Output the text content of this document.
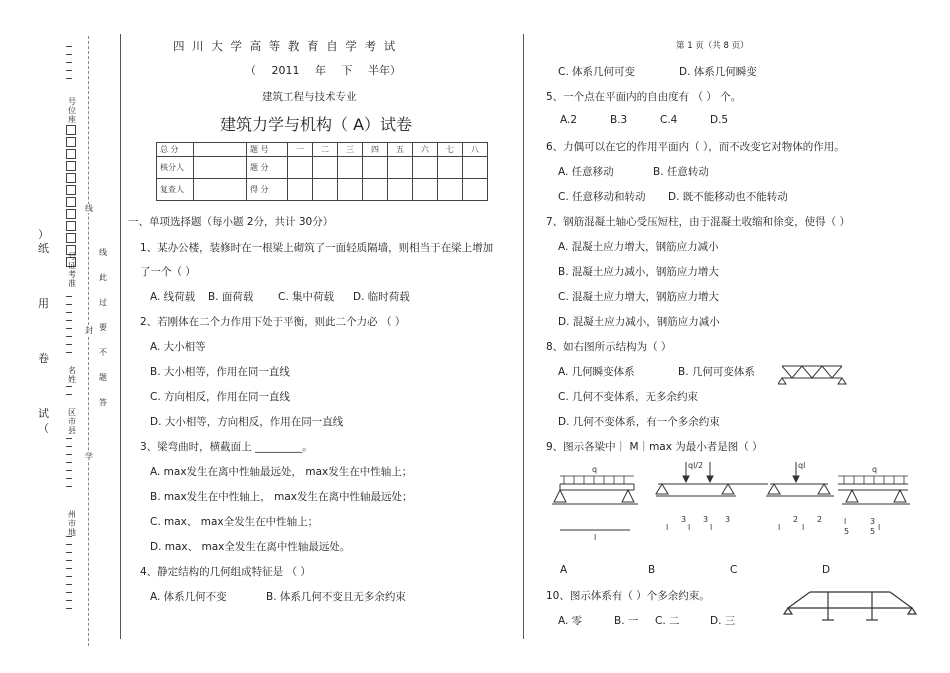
）
纸
用
卷
试
（
号位座
号证考准
名姓
区市县
州市地
线
封
学
线
此
过
要
不
题
答
四 川 大 学 高 等 教 育 自 学 考 试
（ 2011 年 下 半年）
建筑工程与技术专业
建筑力学与机构（ A）试卷
总 分		题 号	一	二	三	四	五	六	七	八
核分人		题 分								
复查人		得 分								
一、单项选择题（每小题 2分，共计 30分）
1、某办公楼，装修时在一根梁上砌筑了一面轻质隔墙，则相当于在梁上增加
了一个（ ）
A. 线荷载 B. 面荷载 C. 集中荷载 D. 临时荷载
2、若刚体在二个力作用下处于平衡，则此二个力必 （ ）
A. 大小相等
B. 大小相等，作用在同一直线
C. 方向相反，作用在同一直线
D. 大小相等，方向相反，作用在同一直线
3、梁弯曲时，横截面上 _________。
A. max发生在离中性轴最远处， max发生在中性轴上；
B. max发生在中性轴上， max发生在离中性轴最远处；
C. max、 max全发生在中性轴上；
D. max、 max全发生在离中性轴最远处。
4、静定结构的几何组成特征是 （ ）
A. 体系几何不变	B. 体系几何不变且无多余约束
第 1 页（共 8 页）
C. 体系几何可变	D. 体系几何瞬变
5、一个点在平面内的自由度有 （ ） 个。
A.2	B.3	C.4	D.5
6、力偶可以在它的作用平面内（ ），而不改变它对物体的作用。
A. 任意移动	B. 任意转动
C. 任意移动和转动 D. 既不能移动也不能转动
7、钢筋混凝土轴心受压短柱，由于混凝土收缩和徐变，使得（ ）
A. 混凝土应力增大，钢筋应力减小
B. 混凝土应力减小，钢筋应力增大
C. 混凝土应力增大，钢筋应力增大
D. 混凝土应力减小，钢筋应力减小
8、如右图所示结构为（ ）
A. 几何瞬变体系	B. 几何可变体系
C. 几何不变体系，无多余约束
D. 几何不变体系，有一个多余约束
9、图示各梁中｜ M｜max 为最小者是图（ ）
q
l
ql/2	ql	q
l
3
l
3
l
3
l
2
l
2	l
5
3
5 l
A	B	C	D
10、图示体系有（ ）个多余约束。
A. 零	B. 一 C. 二	D. 三
